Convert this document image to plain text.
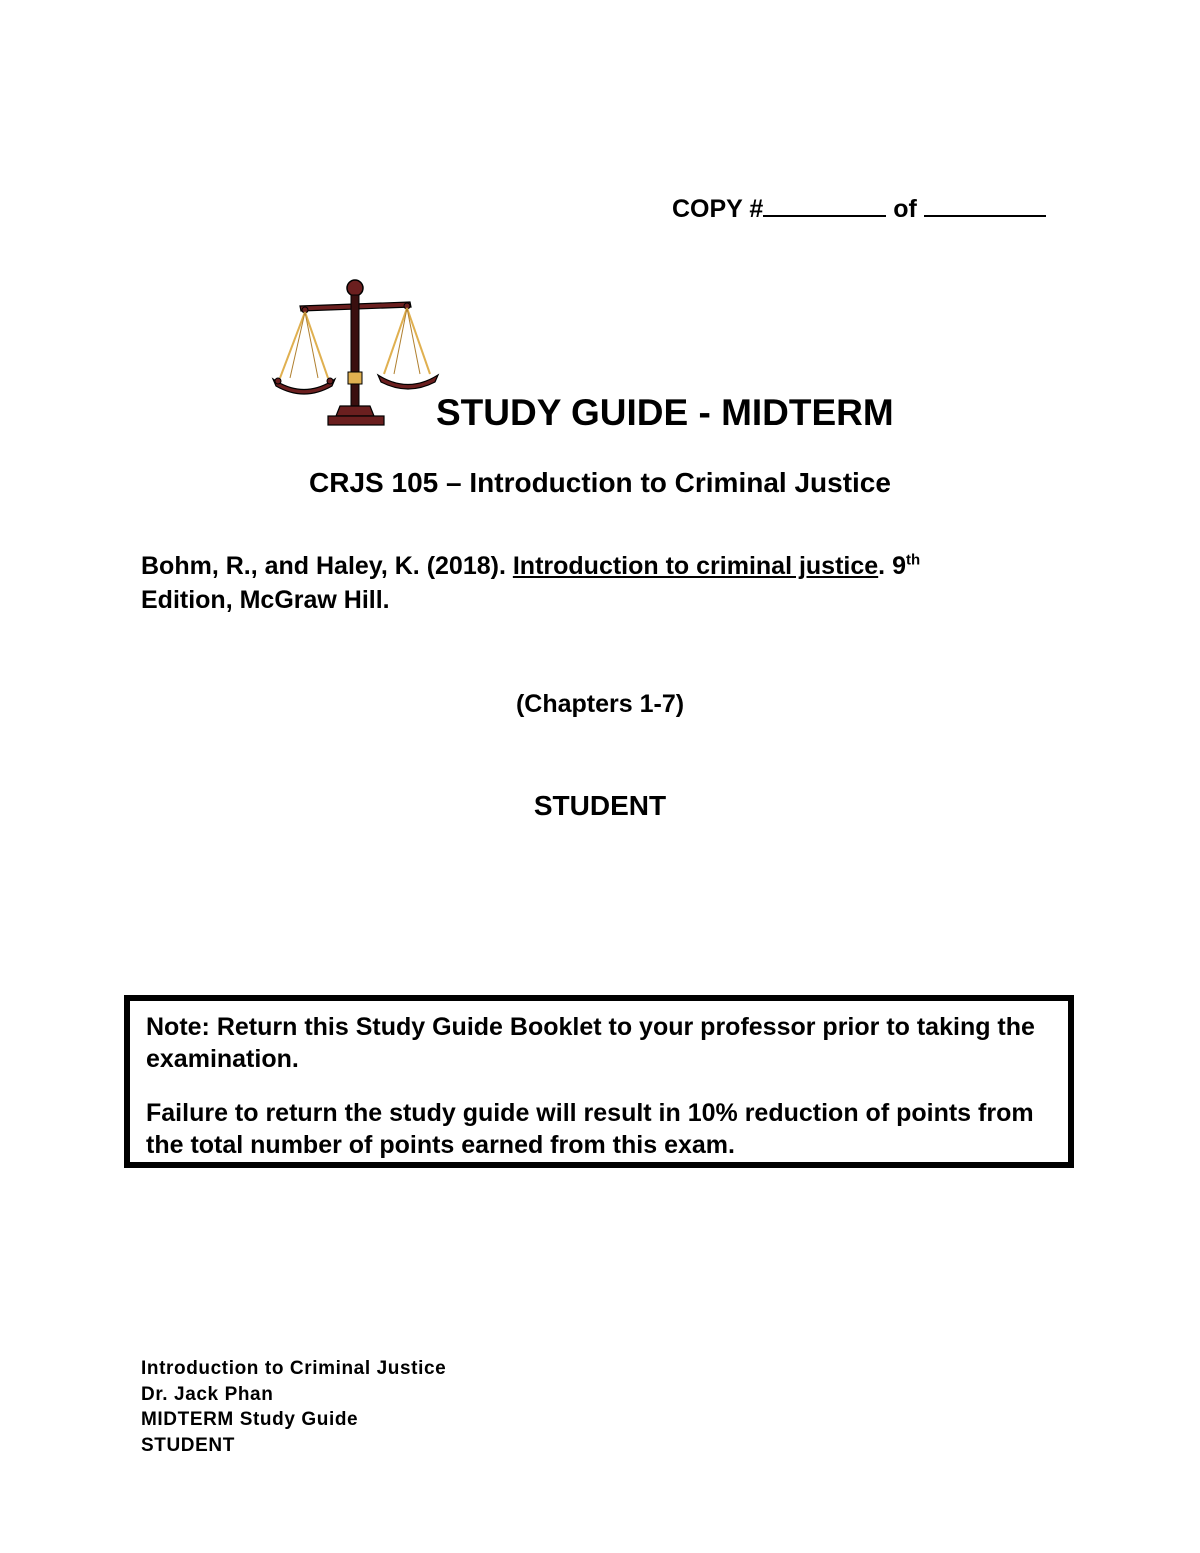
COPY #	of
STUDY GUIDE - MIDTERM
CRJS 105 – Introduction to Criminal Justice
Bohm, R., and Haley, K. (2018). Introduction to criminal justice. 9th
Edition, McGraw Hill.
(Chapters 1-7)
STUDENT

Note: Return this Study Guide Booklet to your professor prior to taking the examination.

Failure to return the study guide will result in 10% reduction of points from the total number of points earned from this exam.

Introduction to Criminal Justice
Dr. Jack Phan
MIDTERM Study Guide
STUDENT
